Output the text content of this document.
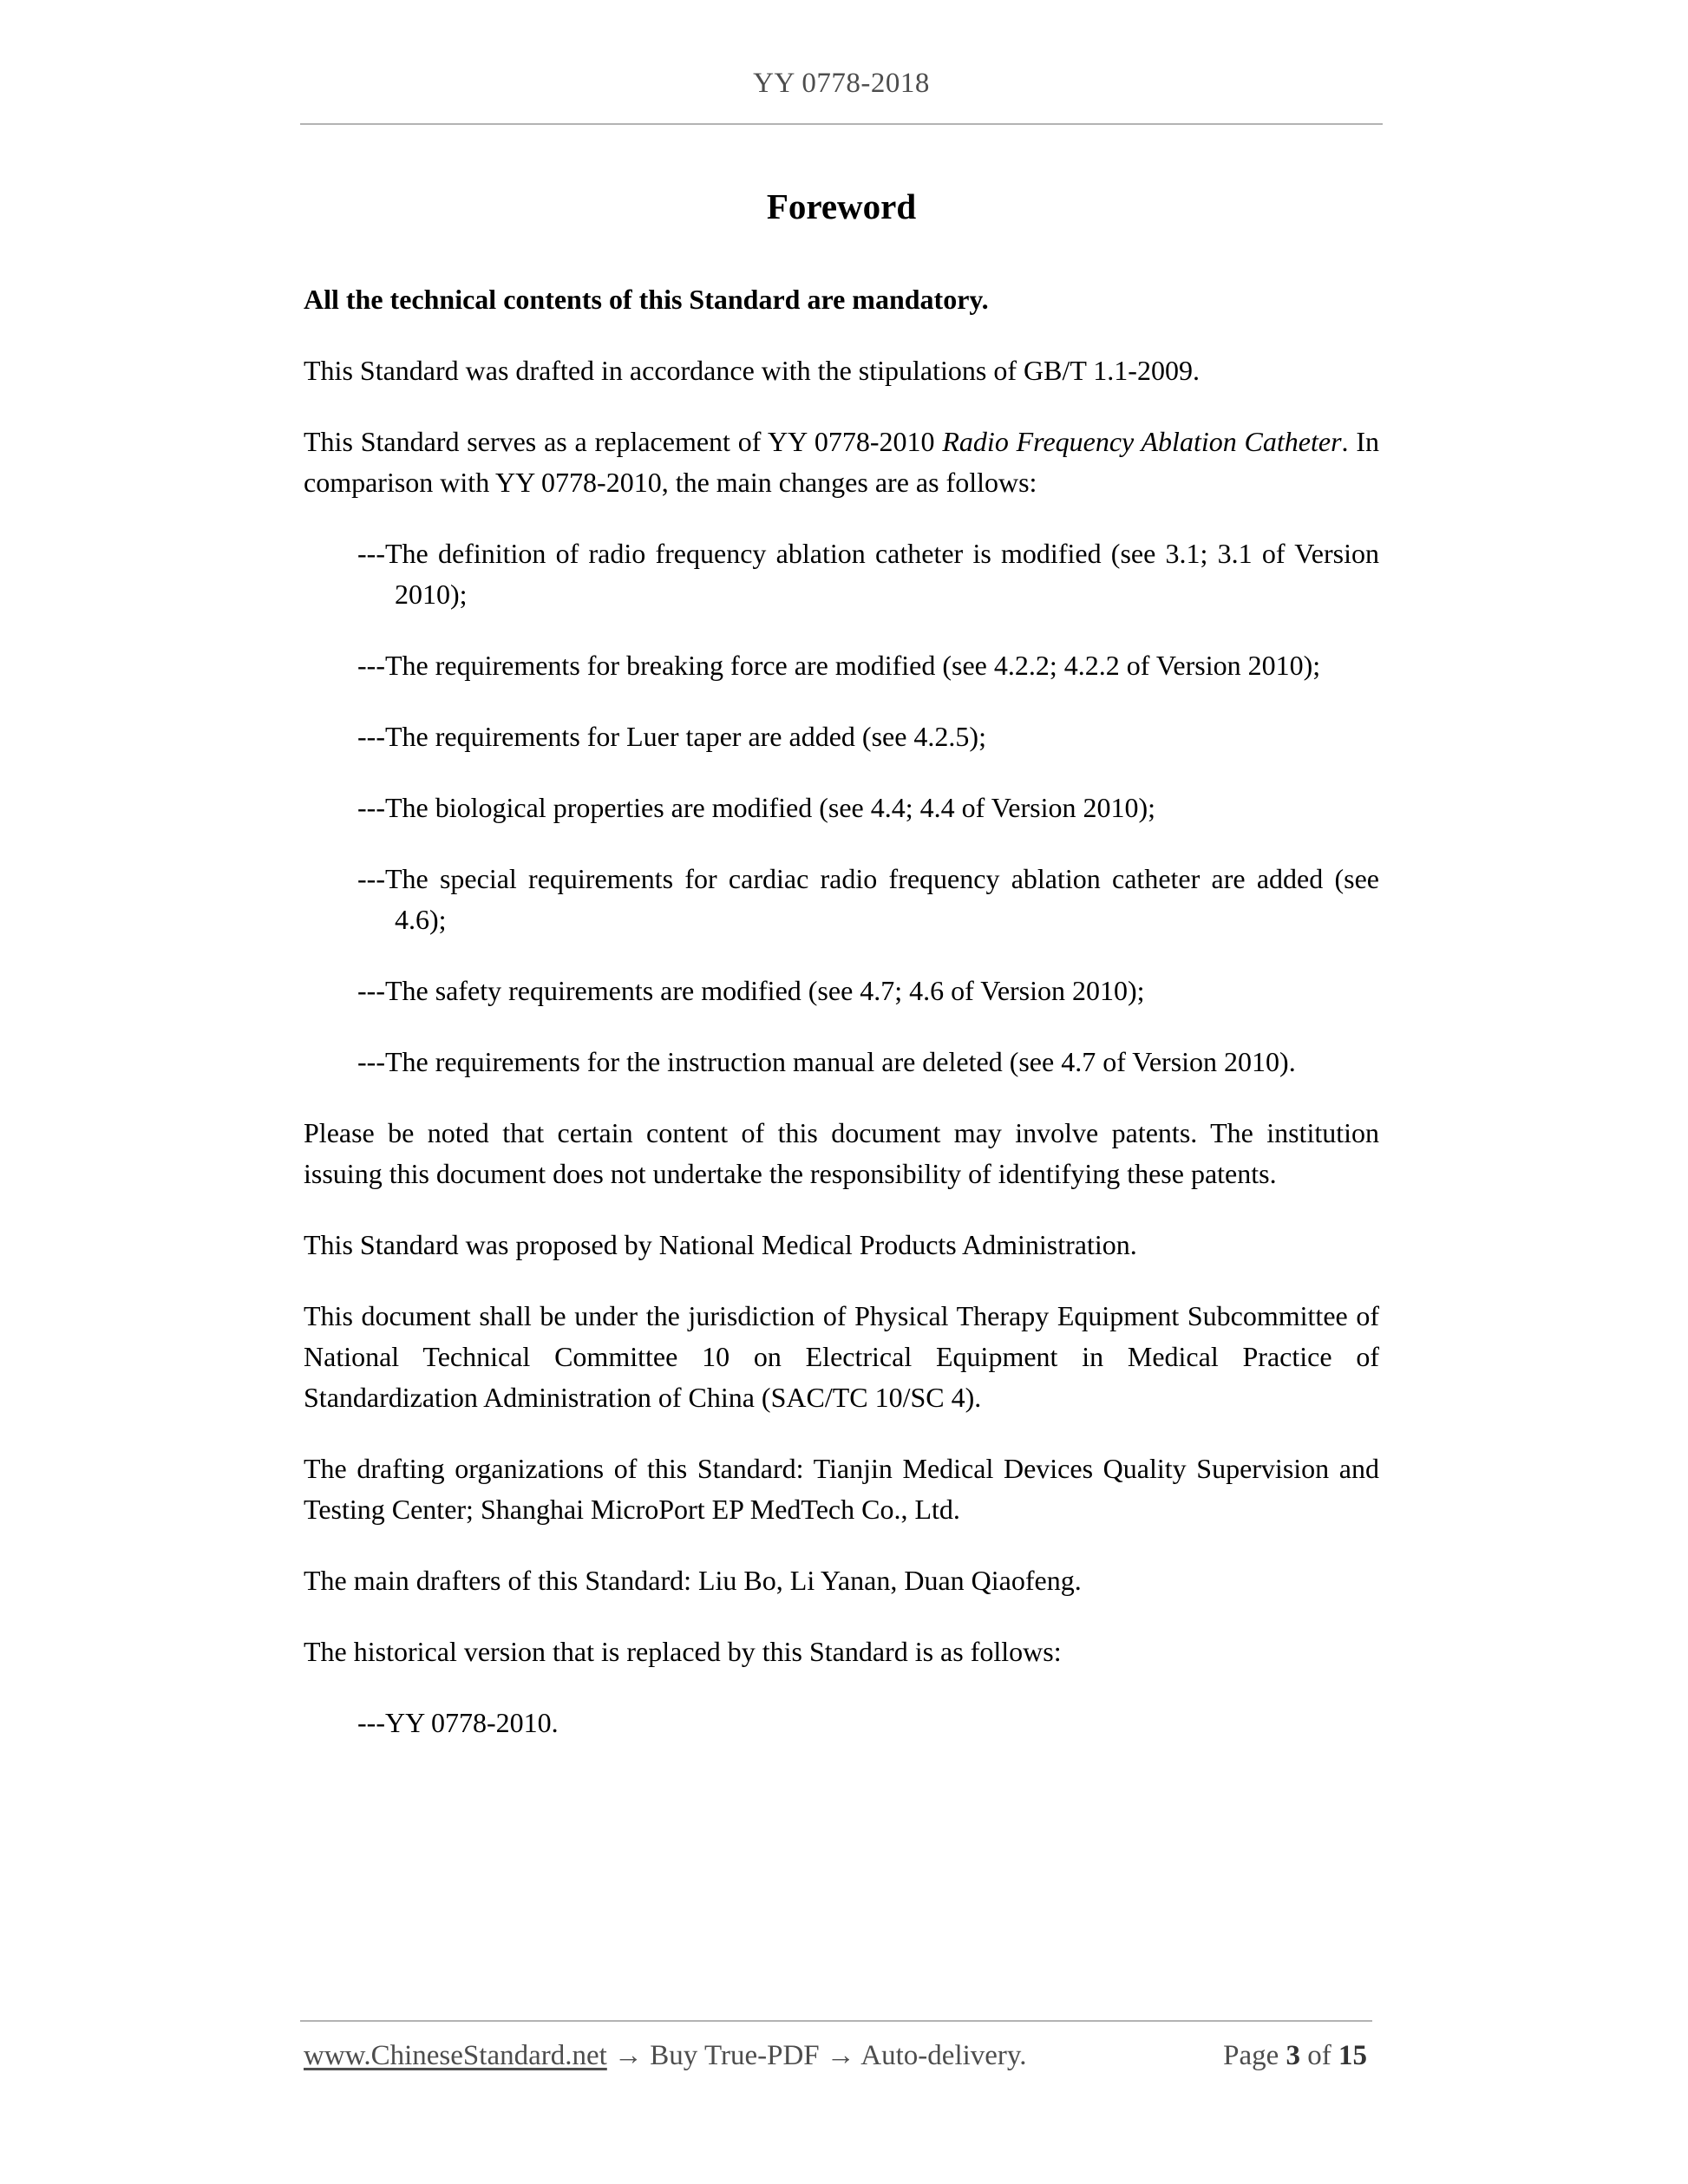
YY 0778-2018
Foreword

All the technical contents of this Standard are mandatory.

This Standard was drafted in accordance with the stipulations of GB/T 1.1-2009.

This Standard serves as a replacement of YY 0778-2010 Radio Frequency Ablation Catheter. In comparison with YY 0778-2010, the main changes are as follows:

---The definition of radio frequency ablation catheter is modified (see 3.1; 3.1 of Version 2010);

---The requirements for breaking force are modified (see 4.2.2; 4.2.2 of Version 2010);

---The requirements for Luer taper are added (see 4.2.5);

---The biological properties are modified (see 4.4; 4.4 of Version 2010);

---The special requirements for cardiac radio frequency ablation catheter are added (see 4.6);

---The safety requirements are modified (see 4.7; 4.6 of Version 2010);

---The requirements for the instruction manual are deleted (see 4.7 of Version 2010).

Please be noted that certain content of this document may involve patents. The institution issuing this document does not undertake the responsibility of identifying these patents.

This Standard was proposed by National Medical Products Administration.

This document shall be under the jurisdiction of Physical Therapy Equipment Subcommittee of National Technical Committee 10 on Electrical Equipment in Medical Practice of Standardization Administration of China (SAC/TC 10/SC 4).

The drafting organizations of this Standard: Tianjin Medical Devices Quality Supervision and Testing Center; Shanghai MicroPort EP MedTech Co., Ltd.

The main drafters of this Standard: Liu Bo, Li Yanan, Duan Qiaofeng.

The historical version that is replaced by this Standard is as follows:

---YY 0778-2010.

www.ChineseStandard.net → Buy True-PDF → Auto-delivery.	Page 3 of 15
